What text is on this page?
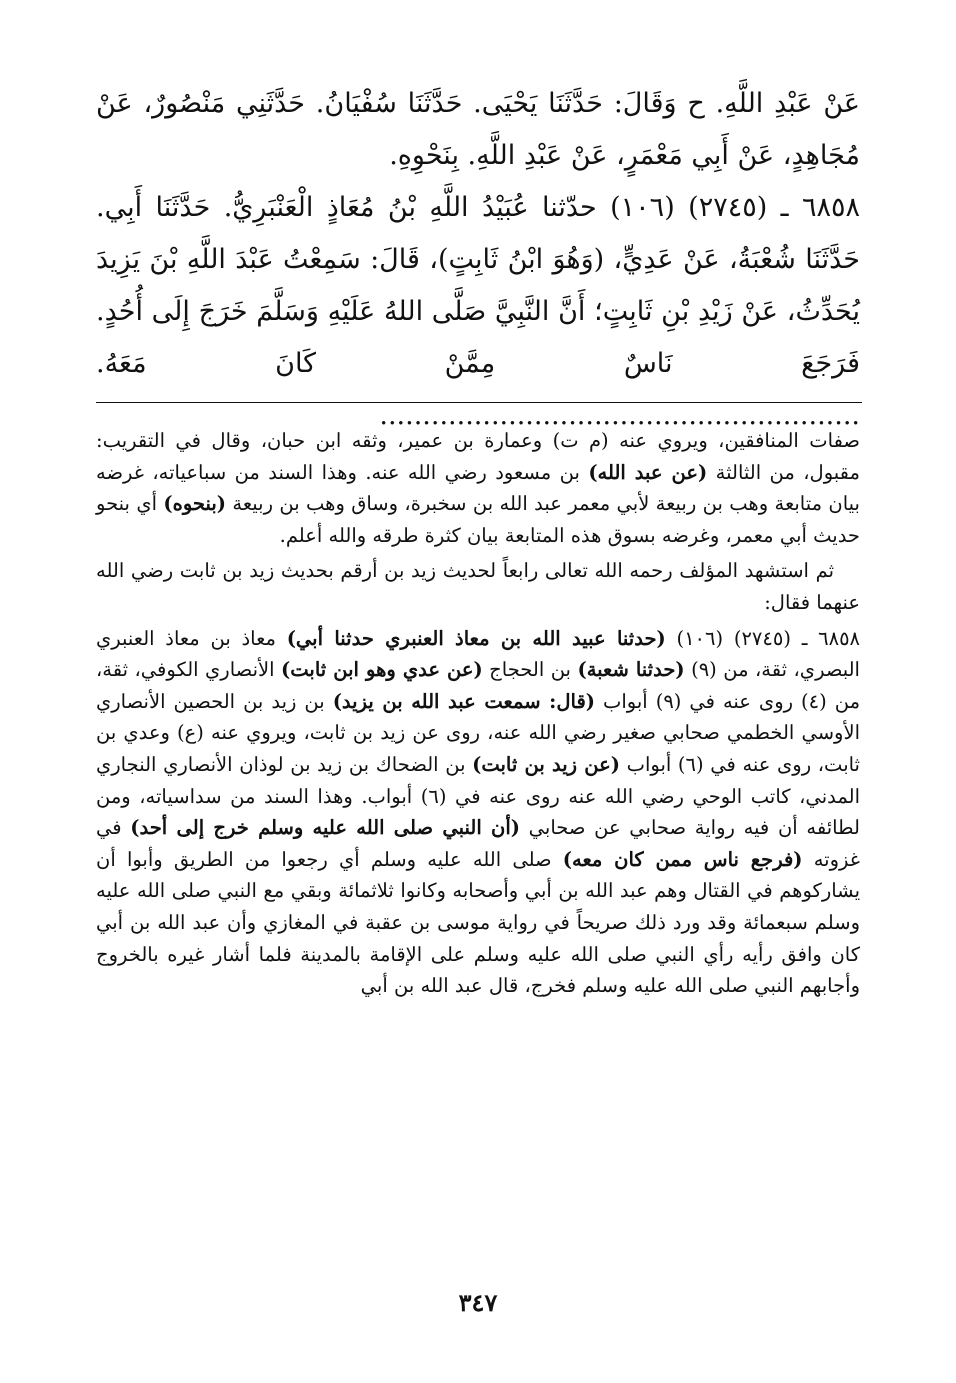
عَنْ عَبْدِ اللَّهِ. ح وَقَالَ: حَدَّثَنَا يَحْيَى. حَدَّثَنَا سُفْيَانُ. حَدَّثَنِي مَنْصُورٌ، عَنْ مُجَاهِدٍ، عَنْ أَبِي مَعْمَرٍ، عَنْ عَبْدِ اللَّهِ. بِنَحْوِهِ.

٦٨٥٨ ـ (٢٧٤٥) (١٠٦) حدّثنا عُبَيْدُ اللَّهِ بْنُ مُعَاذٍ الْعَنْبَرِيُّ. حَدَّثَنَا أَبِي. حَدَّثَنَا شُعْبَةُ، عَنْ عَدِيٍّ، (وَهُوَ ابْنُ ثَابِتٍ)، قَالَ: سَمِعْتُ عَبْدَ اللَّهِ بْنَ يَزِيدَ يُحَدِّثُ، عَنْ زَيْدِ بْنِ ثَابِتٍ؛ أَنَّ النَّبِيَّ صَلَّى اللهُ عَلَيْهِ وَسَلَّمَ خَرَجَ إِلَى أُحُدٍ. فَرَجَعَ نَاسٌ مِمَّنْ كَانَ مَعَهُ. ........................................................

صفات المنافقين، ويروي عنه (م ت) وعمارة بن عمير، وثقه ابن حبان، وقال في التقريب: مقبول، من الثالثة (عن عبد الله) بن مسعود رضي الله عنه. وهذا السند من سباعياته، غرضه بيان متابعة وهب بن ربيعة لأبي معمر عبد الله بن سخبرة، وساق وهب بن ربيعة (بنحوه) أي بنحو حديث أبي معمر، وغرضه بسوق هذه المتابعة بيان كثرة طرقه والله أعلم.

ثم استشهد المؤلف رحمه الله تعالى رابعاً لحديث زيد بن أرقم بحديث زيد بن ثابت رضي الله عنهما فقال:

٦٨٥٨ ـ (٢٧٤٥) (١٠٦) (حدثنا عبيد الله بن معاذ العنبري حدثنا أبي) معاذ بن معاذ العنبري البصري، ثقة، من (٩) (حدثنا شعبة) بن الحجاج (عن عدي وهو ابن ثابت) الأنصاري الكوفي، ثقة، من (٤) روى عنه في (٩) أبواب (قال: سمعت عبد الله بن يزيد) بن زيد بن الحصين الأنصاري الأوسي الخطمي صحابي صغير رضي الله عنه، روى عن زيد بن ثابت، ويروي عنه (ع) وعدي بن ثابت، روى عنه في (٦) أبواب (عن زيد بن ثابت) بن الضحاك بن زيد بن لوذان الأنصاري النجاري المدني، كاتب الوحي رضي الله عنه روى عنه في (٦) أبواب. وهذا السند من سداسياته، ومن لطائفه أن فيه رواية صحابي عن صحابي (أن النبي صلى الله عليه وسلم خرج إلى أحد) في غزوته (فرجع ناس ممن كان معه) صلى الله عليه وسلم أي رجعوا من الطريق وأبوا أن يشاركوهم في القتال وهم عبد الله بن أبي وأصحابه وكانوا ثلاثمائة وبقي مع النبي صلى الله عليه وسلم سبعمائة وقد ورد ذلك صريحاً في رواية موسى بن عقبة في المغازي وأن عبد الله بن أبي كان وافق رأيه رأي النبي صلى الله عليه وسلم على الإقامة بالمدينة فلما أشار غيره بالخروج وأجابهم النبي صلى الله عليه وسلم فخرج، قال عبد الله بن أبي

٣٤٧
